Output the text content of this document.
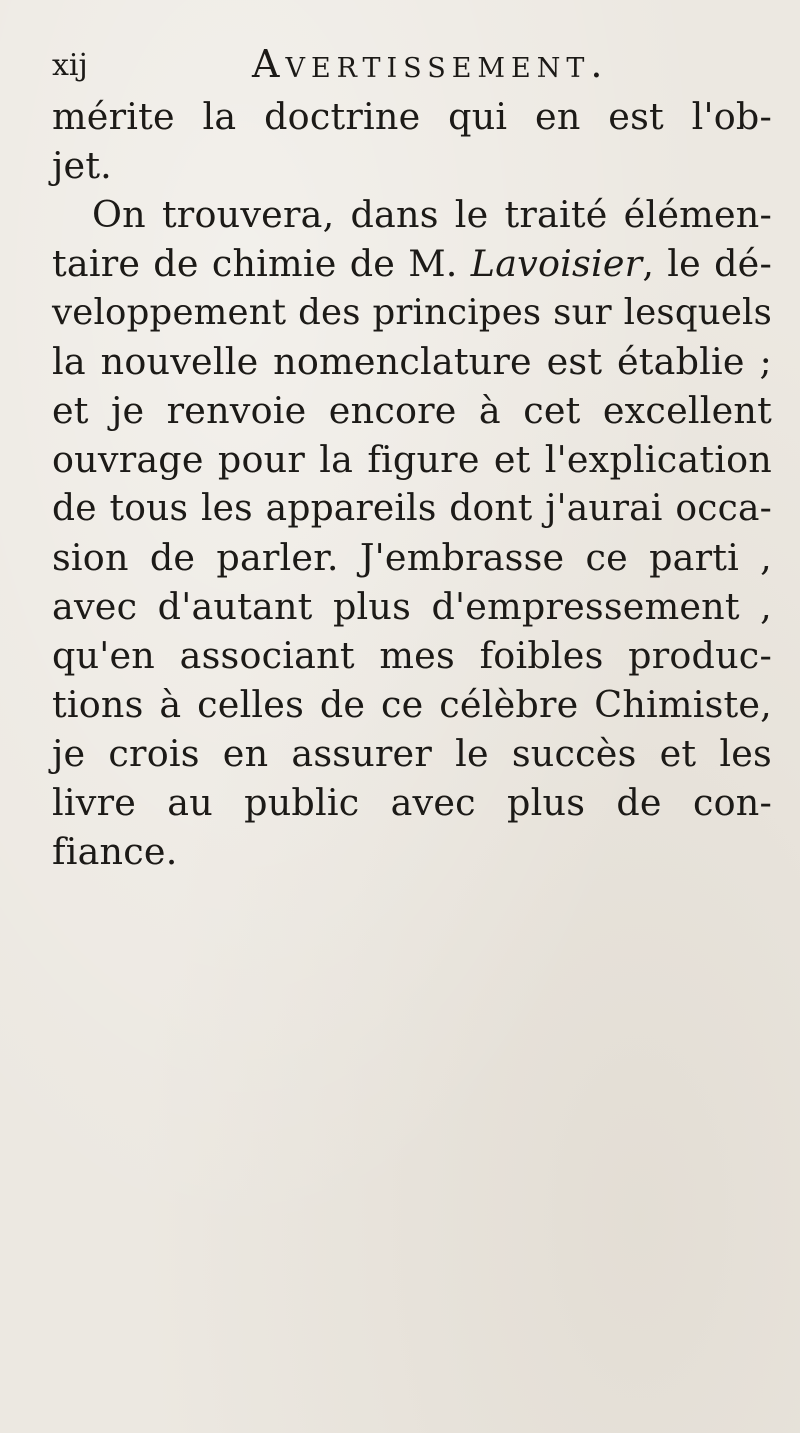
xij	Avertissement.
mérite la doctrine qui en est l'ob-
jet.
On trouvera, dans le traité élémen-
taire de chimie de M. Lavoisier, le dé-
veloppement des principes sur lesquels
la nouvelle nomenclature est établie ;
et je renvoie encore à cet excellent
ouvrage pour la figure et l'explication
de tous les appareils dont j'aurai occa-
sion de parler. J'embrasse ce parti ,
avec d'autant plus d'empressement ,
qu'en associant mes foibles produc-
tions à celles de ce célèbre Chimiste,
je crois en assurer le succès et les
livre au public avec plus de con-
fiance.
